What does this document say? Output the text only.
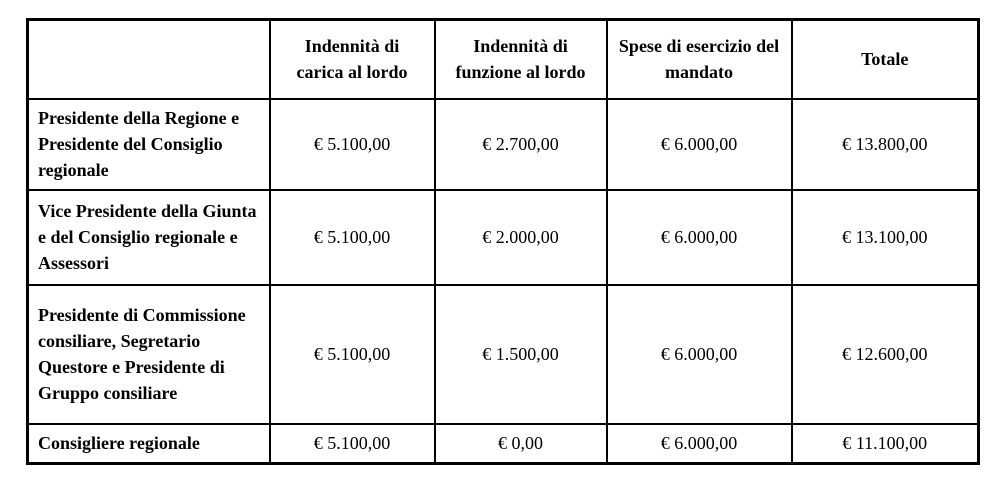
	Indennità di carica al lordo	Indennità di funzione al lordo	Spese di esercizio del mandato	Totale
Presidente della Regione e Presidente del Consiglio regionale	€ 5.100,00	€ 2.700,00	€ 6.000,00	€ 13.800,00
Vice Presidente della Giunta e del Consiglio regionale e Assessori	€ 5.100,00	€ 2.000,00	€ 6.000,00	€ 13.100,00
Presidente di Commissione consiliare, Segretario Questore e Presidente di Gruppo consiliare	€ 5.100,00	€ 1.500,00	€ 6.000,00	€ 12.600,00
Consigliere regionale	€ 5.100,00	€ 0,00	€ 6.000,00	€ 11.100,00
